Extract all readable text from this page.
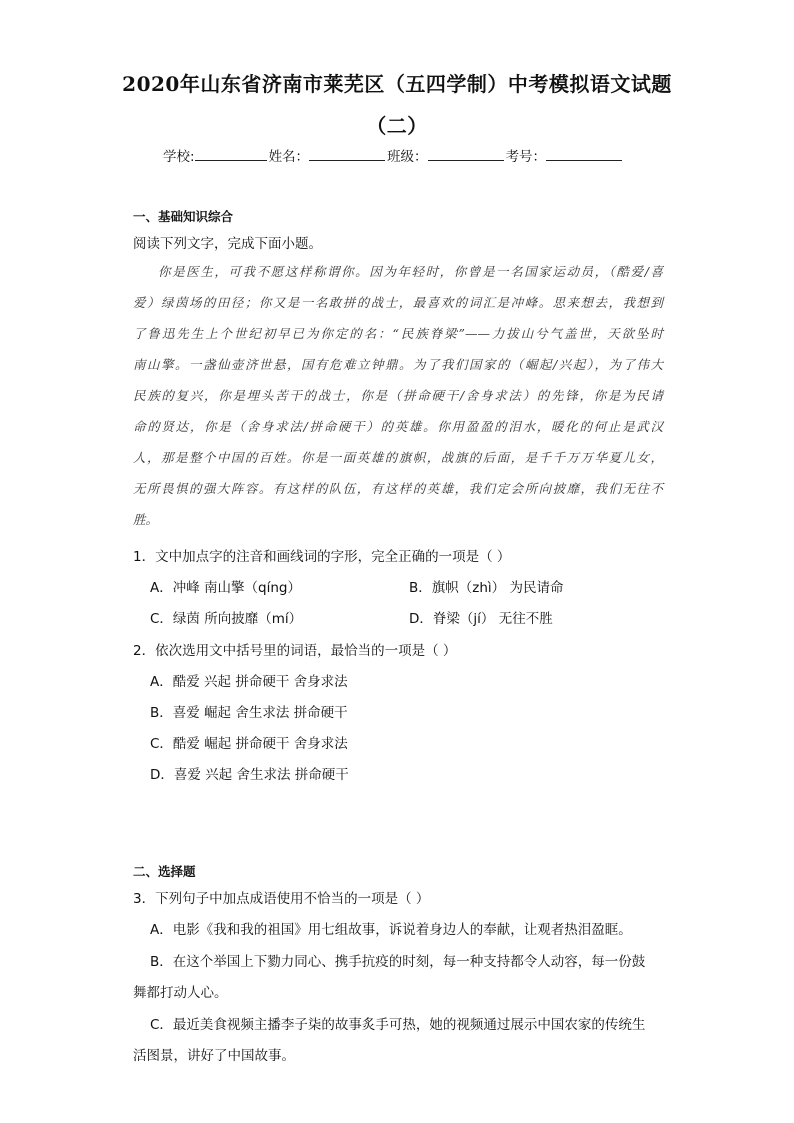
2020年山东省济南市莱芜区（五四学制）中考模拟语文试题
（二）
学校:	姓名：	班级：	考号：
一、基础知识综合
阅读下列文字，完成下面小题。
你是医生，可我不愿这样称谓你。因为年轻时，你曾是一名国家运动员，（酷爱/喜
爱）绿茵场的田径；你又是一名敢拼的战士，最喜欢的词汇是冲峰。思来想去，我想到
了鲁迅先生上个世纪初早已为你定的名：“民族脊梁”——力拔山兮气盖世，天欲坠时
南山擎。一盏仙壶济世悬，国有危难立钟鼎。为了我们国家的（崛起/兴起），为了伟大
民族的复兴，你是埋头苦干的战士，你是（拼命硬干/舍身求法）的先锋，你是为民请
命的贤达，你是（舍身求法/拼命硬干）的英雄。你用盈盈的泪水，暖化的何止是武汉
人，那是整个中国的百姓。你是一面英雄的旗帜，战旗的后面，是千千万万华夏儿女，
无所畏惧的强大阵容。有这样的队伍，有这样的英雄，我们定会所向披靡，我们无往不
胜。
1．文中加点字的注音和画线词的字形，完全正确的一项是（ ）
A．冲峰 南山擎（qíng）	B．旗帜（zhì） 为民请命
C．绿茵 所向披靡（mí）	D．脊梁（jí） 无往不胜
2．依次选用文中括号里的词语，最恰当的一项是（ ）
A．酷爱 兴起 拼命硬干 舍身求法
B．喜爱 崛起 舍生求法 拼命硬干
C．酷爱 崛起 拼命硬干 舍身求法
D．喜爱 兴起 舍生求法 拼命硬干
二、选择题
3．下列句子中加点成语使用不恰当的一项是（ ）
A．电影《我和我的祖国》用七组故事，诉说着身边人的奉献，让观者热泪盈眶。
B．在这个举国上下勠力同心、携手抗疫的时刻，每一种支持都令人动容，每一份鼓
舞都打动人心。
C．最近美食视频主播李子柒的故事炙手可热，她的视频通过展示中国农家的传统生
活图景，讲好了中国故事。
